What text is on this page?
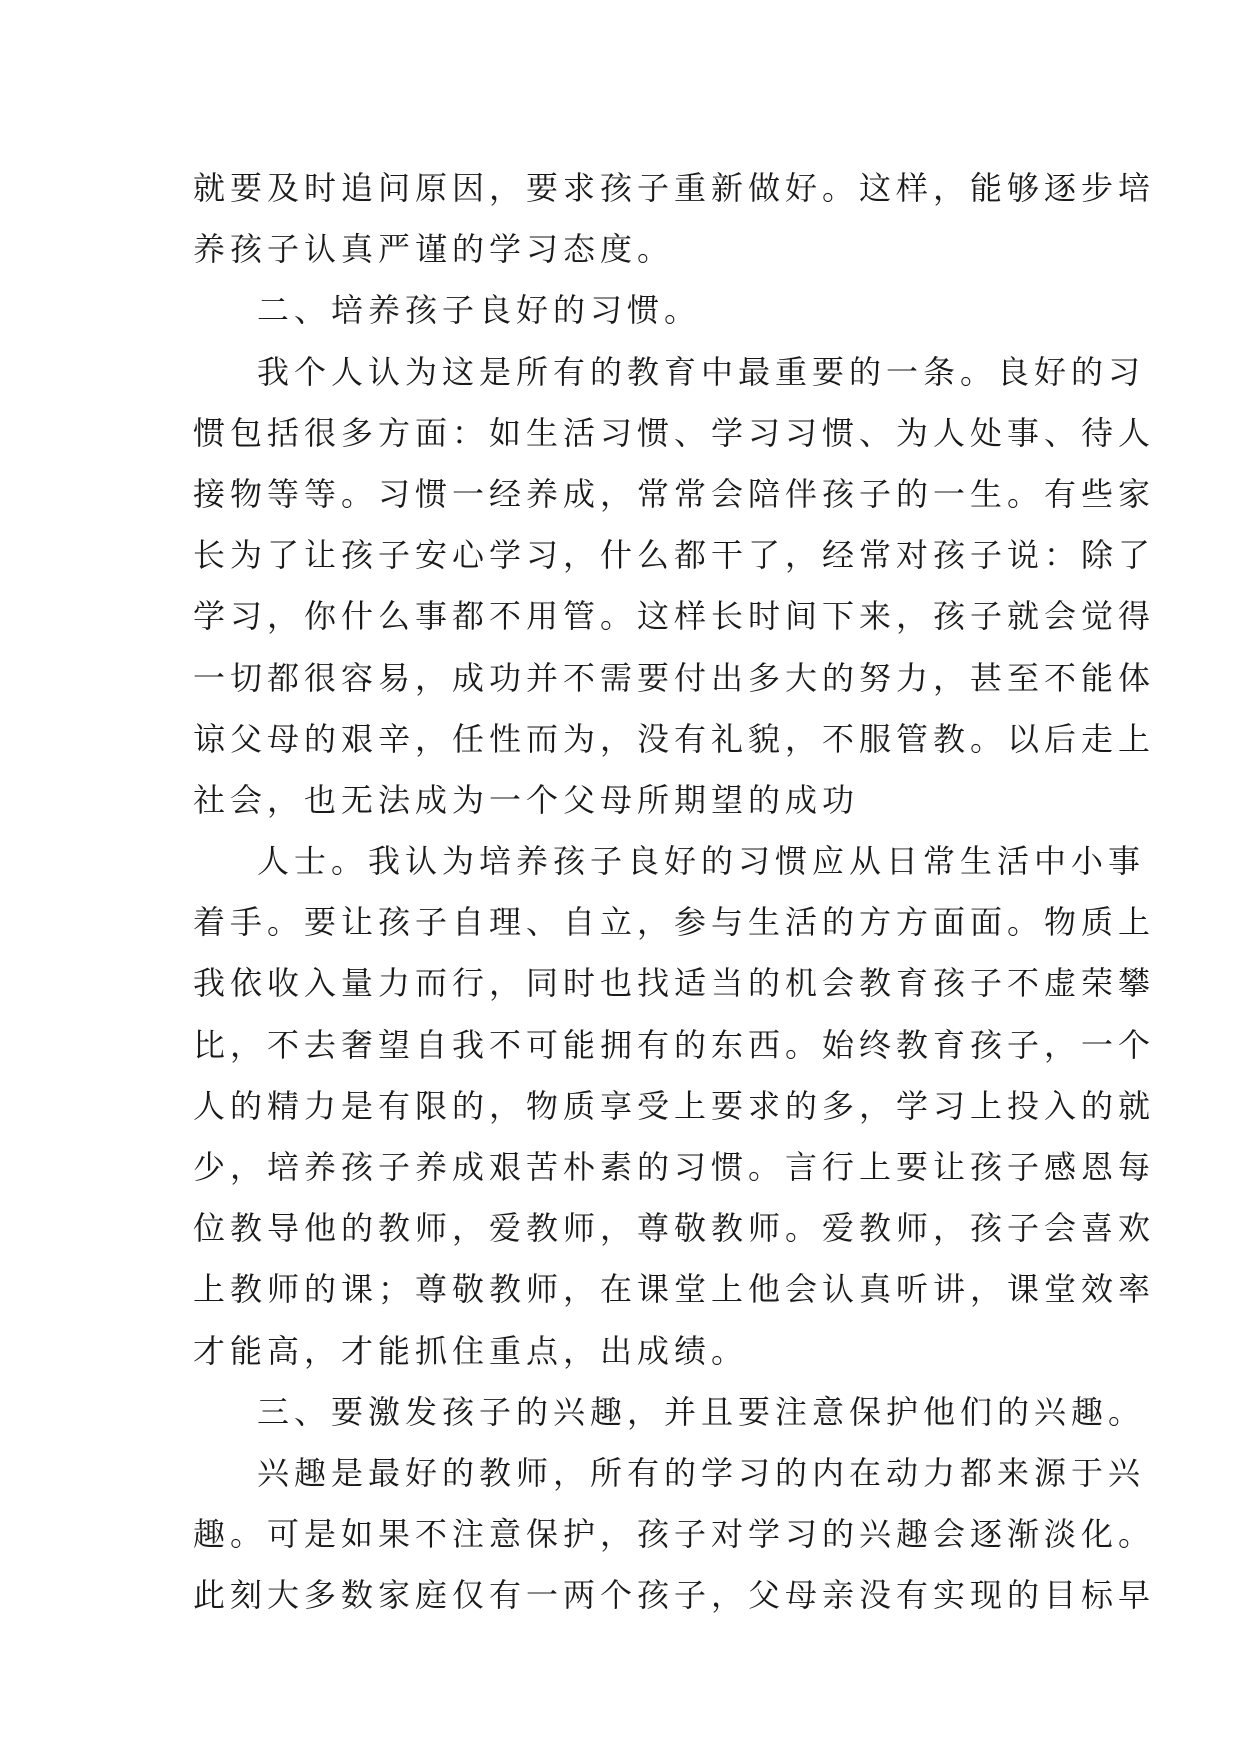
就要及时追问原因，要求孩子重新做好。这样，能够逐步培
养孩子认真严谨的学习态度。
二、培养孩子良好的习惯。
我个人认为这是所有的教育中最重要的一条。良好的习
惯包括很多方面：如生活习惯、学习习惯、为人处事、待人
接物等等。习惯一经养成，常常会陪伴孩子的一生。有些家
长为了让孩子安心学习，什么都干了，经常对孩子说：除了
学习，你什么事都不用管。这样长时间下来，孩子就会觉得
一切都很容易，成功并不需要付出多大的努力，甚至不能体
谅父母的艰辛，任性而为，没有礼貌，不服管教。以后走上
社会，也无法成为一个父母所期望的成功
人士。我认为培养孩子良好的习惯应从日常生活中小事
着手。要让孩子自理、自立，参与生活的方方面面。物质上
我依收入量力而行，同时也找适当的机会教育孩子不虚荣攀
比，不去奢望自我不可能拥有的东西。始终教育孩子，一个
人的精力是有限的，物质享受上要求的多，学习上投入的就
少，培养孩子养成艰苦朴素的习惯。言行上要让孩子感恩每
位教导他的教师，爱教师，尊敬教师。爱教师，孩子会喜欢
上教师的课；尊敬教师，在课堂上他会认真听讲，课堂效率
才能高，才能抓住重点，出成绩。
三、要激发孩子的兴趣，并且要注意保护他们的兴趣。
兴趣是最好的教师，所有的学习的内在动力都来源于兴
趣。可是如果不注意保护，孩子对学习的兴趣会逐渐淡化。
此刻大多数家庭仅有一两个孩子，父母亲没有实现的目标早
